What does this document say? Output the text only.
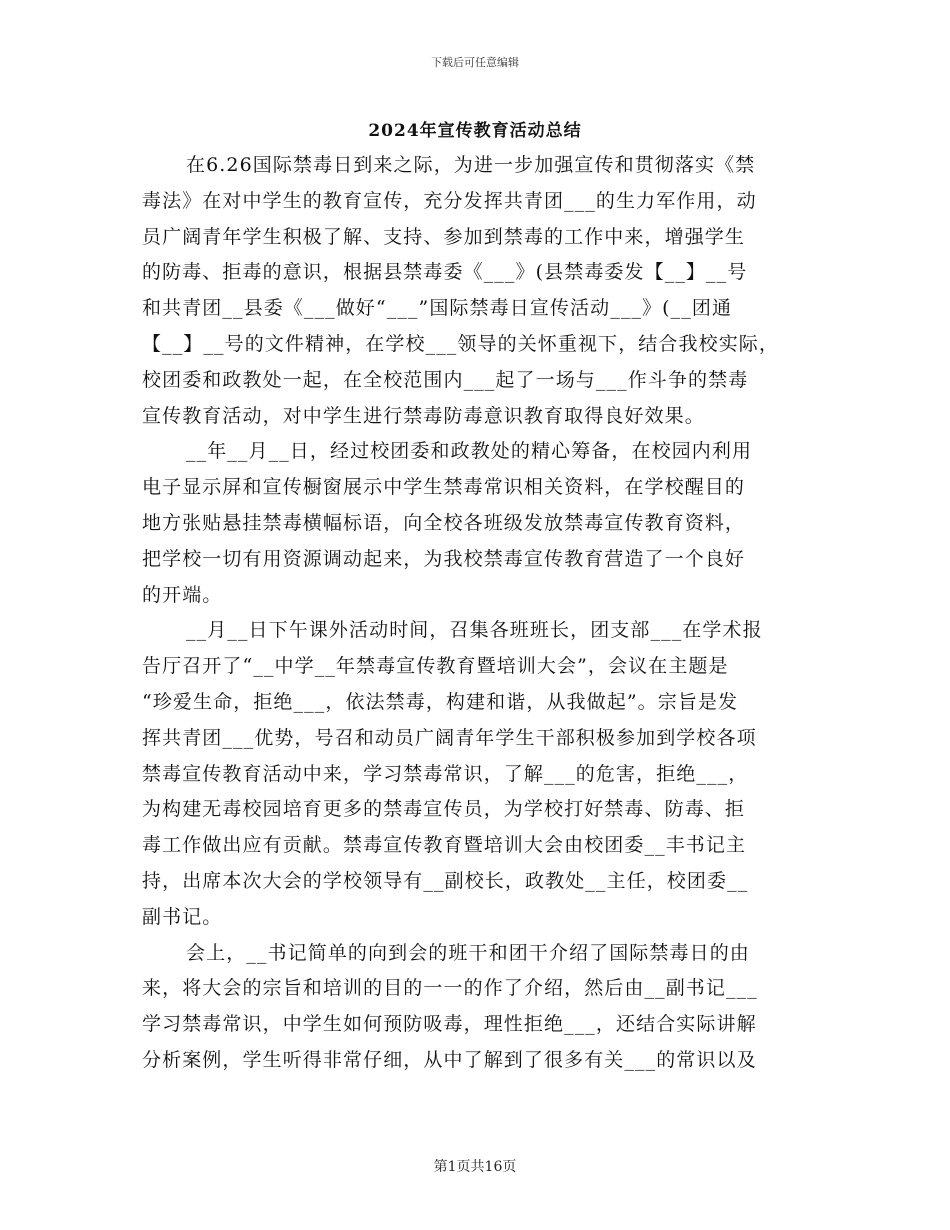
下载后可任意编辑
2024年宣传教育活动总结
在6.26国际禁毒日到来之际，为进一步加强宣传和贯彻落实《禁
毒法》在对中学生的教育宣传，充分发挥共青团___的生力军作用，动
员广阔青年学生积极了解、支持、参加到禁毒的工作中来，增强学生
的防毒、拒毒的意识，根据县禁毒委《___》(县禁毒委发【__】__号
和共青团__县委《___做好“___”国际禁毒日宣传活动___》(__团通
【__】__号的文件精神，在学校___领导的关怀重视下，结合我校实际，
校团委和政教处一起，在全校范围内___起了一场与___作斗争的禁毒
宣传教育活动，对中学生进行禁毒防毒意识教育取得良好效果。
__年__月__日，经过校团委和政教处的精心筹备，在校园内利用
电子显示屏和宣传橱窗展示中学生禁毒常识相关资料，在学校醒目的
地方张贴悬挂禁毒横幅标语，向全校各班级发放禁毒宣传教育资料，
把学校一切有用资源调动起来，为我校禁毒宣传教育营造了一个良好
的开端。
__月__日下午课外活动时间，召集各班班长，团支部___在学术报
告厅召开了“__中学__年禁毒宣传教育暨培训大会”，会议在主题是
“珍爱生命，拒绝___，依法禁毒，构建和谐，从我做起”。宗旨是发
挥共青团___优势，号召和动员广阔青年学生干部积极参加到学校各项
禁毒宣传教育活动中来，学习禁毒常识，了解___的危害，拒绝___，
为构建无毒校园培育更多的禁毒宣传员，为学校打好禁毒、防毒、拒
毒工作做出应有贡献。禁毒宣传教育暨培训大会由校团委__丰书记主
持，出席本次大会的学校领导有__副校长，政教处__主任，校团委__
副书记。
会上，__书记简单的向到会的班干和团干介绍了国际禁毒日的由
来，将大会的宗旨和培训的目的一一的作了介绍，然后由__副书记___
学习禁毒常识，中学生如何预防吸毒，理性拒绝___，还结合实际讲解
分析案例，学生听得非常仔细，从中了解到了很多有关___的常识以及
第1页共16页
